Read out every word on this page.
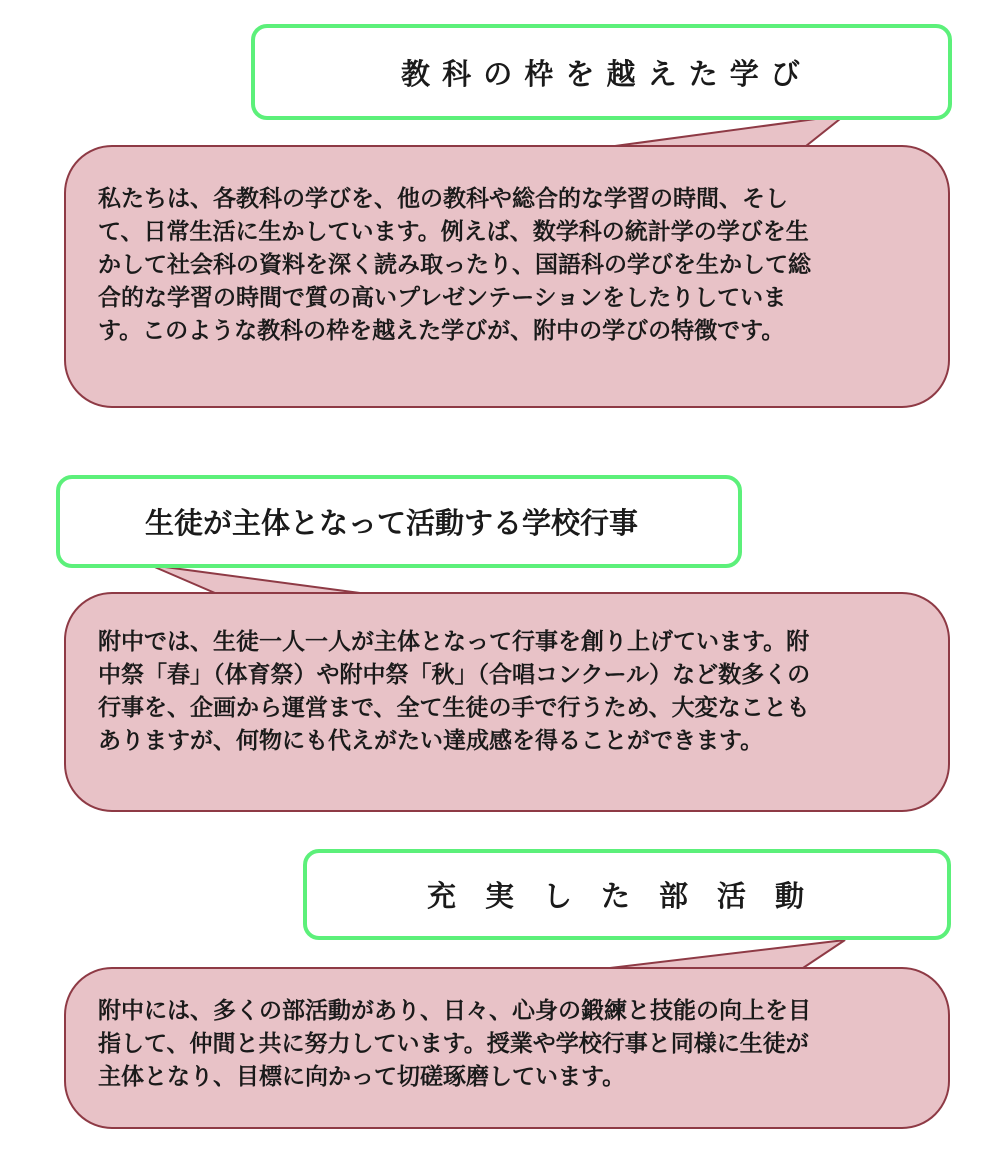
教 科 の 枠 を 越 え た 学 び

私たちは、各教科の学びを、他の教科や総合的な学習の時間、そし

て、日常生活に生かしています。例えば、数学科の統計学の学びを生

かして社会科の資料を深く読み取ったり、国語科の学びを生かして総

合的な学習の時間で質の高いプレゼンテーションをしたりしていま

す。このような教科の枠を越えた学びが、附中の学びの特徴です。

生徒が主体となって活動する学校行事

附中では、生徒一人一人が主体となって行事を創り上げています。附

中祭「春」（体育祭）や附中祭「秋」（合唱コンクール）など数多くの

行事を、企画から運営まで、全て生徒の手で行うため、大変なことも

ありますが、何物にも代えがたい達成感を得ることができます。

充　実　し　た　部　活　動

附中には、多くの部活動があり、日々、心身の鍛練と技能の向上を目

指して、仲間と共に努力しています。授業や学校行事と同様に生徒が

主体となり、目標に向かって切磋琢磨しています。
